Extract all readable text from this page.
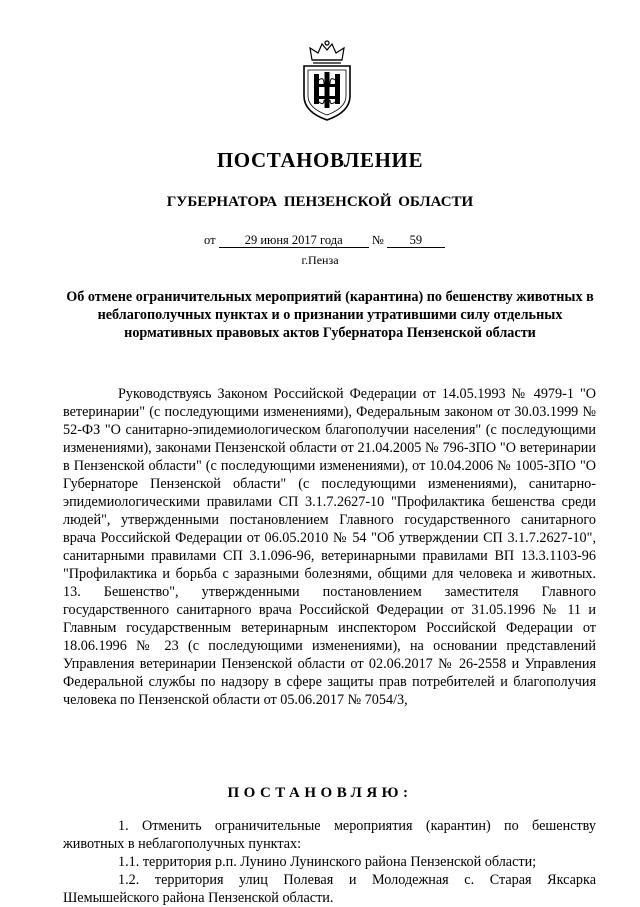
ПОСТАНОВЛЕНИЕ
ГУБЕРНАТОРА ПЕНЗЕНСКОЙ ОБЛАСТИ
от 29 июня 2017 года № 59
г.Пенза
Об отмене ограничительных мероприятий (карантина) по бешенству животных в неблагополучных пунктах и о признании утратившими силу отдельных нормативных правовых актов Губернатора Пензенской области

Руководствуясь Законом Российской Федерации от 14.05.1993 № 4979-1 "О ветеринарии" (с последующими изменениями), Федеральным законом от 30.03.1999 № 52-ФЗ "О санитарно-эпидемиологическом благополучии населения" (с последующими изменениями), законами Пензенской области от 21.04.2005 № 796-ЗПО "О ветеринарии в Пензенской области" (с последующими изменениями), от 10.04.2006 № 1005-ЗПО "О Губернаторе Пензенской области" (с последующими изменениями), санитарно-эпидемиологическими правилами СП 3.1.7.2627-10 "Профилактика бешенства среди людей", утвержденными постановлением Главного государственного санитарного врача Российской Федерации от 06.05.2010 № 54 "Об утверждении СП 3.1.7.2627-10", санитарными правилами СП 3.1.096-96, ветеринарными правилами ВП 13.3.1103-96 "Профилактика и борьба с заразными болезнями, общими для человека и животных. 13. Бешенство", утвержденными постановлением заместителя Главного государственного санитарного врача Российской Федерации от 31.05.1996 № 11 и Главным государственным ветеринарным инспектором Российской Федерации от 18.06.1996 № 23 (с последующими изменениями), на основании представлений Управления ветеринарии Пензенской области от 02.06.2017 № 26-2558 и Управления Федеральной службы по надзору в сфере защиты прав потребителей и благополучия человека по Пензенской области от 05.06.2017 № 7054/3,

ПОСТАНОВЛЯЮ:

1. Отменить ограничительные мероприятия (карантин) по бешенству животных в неблагополучных пунктах:

1.1. территория р.п. Лунино Лунинского района Пензенской области;

1.2. территория улиц Полевая и Молодежная с. Старая Яксарка Шемышейского района Пензенской области.
